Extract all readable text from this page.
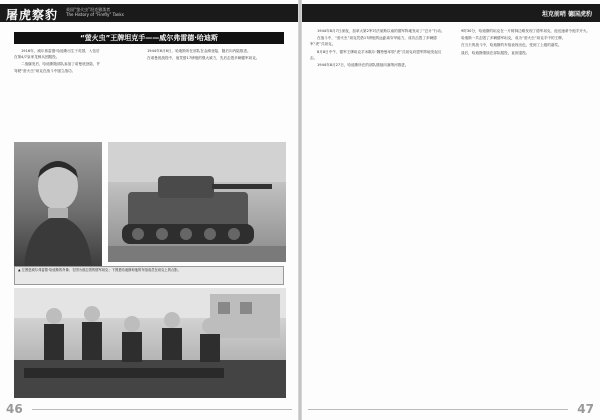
屠虎察豹 英国“萤火虫”坦克猎杀者
The History of “Firefly” Tanks
“萤火虫”王牌坦克手——威尔弗雷德·哈迪斯

1916年，威尔弗雷德·哈迪斯出生于英国，入伍后在第4/7皇家龙骑兵团服役。

二战爆发后，哈迪斯随部队参加了诺曼底登陆，并驾驶“萤火虫”坦克在战斗中屡立战功。

1944年6月6日，哈迪斯所在部队在金滩登陆，随后向内陆推进。

在诺曼底战役中，他凭借17磅炮的强大威力，先后击毁多辆德军坦克。

▲ 左图是威尔弗雷德·哈迪斯的肖像；右图为被击毁的德军坦克；下图是哈迪斯和他的车组成员在坦克上的合影。
46
坦克前哨 德国虎豹

1944年8月7日深夜，加拿大第2军对法莱斯以南的德军阵地发动了“总计”行动。

在战斗中，“萤火虫”坦克凭借17磅炮的远距离穿甲能力，成功击毁了多辆德军“虎”式坦克。

8月8日中午，德军王牌坦克手米歇尔·魏特曼率领“虎”式坦克向盟军阵地发起反击。

1944年8月27日，哈迪斯所在的部队继续向塞纳河推进。

9时30分，哈迪斯的坦克在一片树林边缘发现了德军坦克，他迅速命令炮手开火。

哈迪斯一共击毁了多辆德军坦克，成为“萤火虫”坦克手中的王牌。

在当天的战斗中，哈迪斯的车组表现出色，受到了上级的嘉奖。

战后，哈迪斯继续在部队服役，直到退役。

47
